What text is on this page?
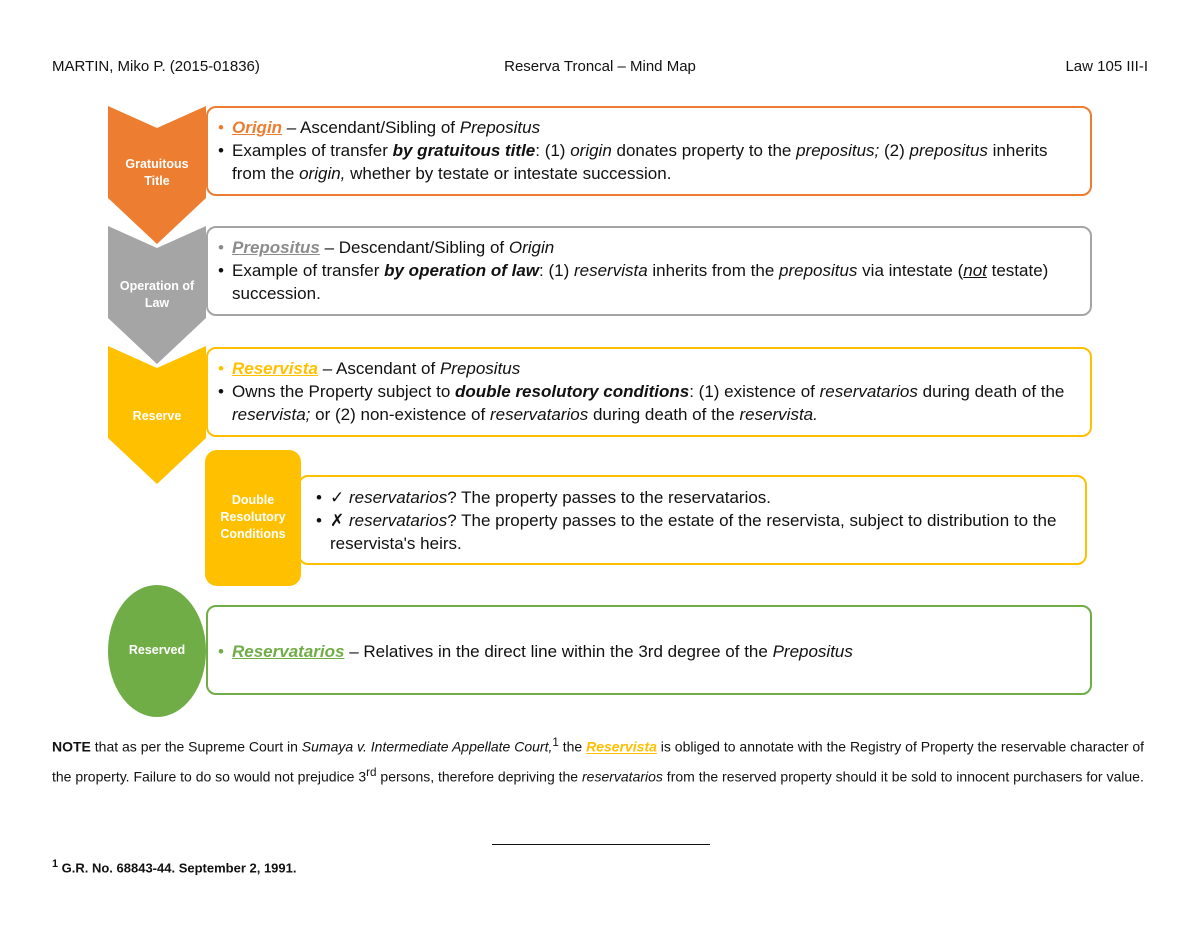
MARTIN, Miko P. (2015-01836)	Reserva Troncal – Mind Map	Law 105 III-I
Gratuitous
Title
• Origin – Ascendant/Sibling of Prepositus
• Examples of transfer by gratuitous title: (1) origin donates property to the prepositus; (2) prepositus inherits from the origin, whether by testate or intestate succession.
Operation of
Law
• Prepositus – Descendant/Sibling of Origin
• Example of transfer by operation of law: (1) reservista inherits from the prepositus via intestate (not testate) succession.
Reserve
• Reservista – Ascendant of Prepositus
• Owns the Property subject to double resolutory conditions: (1) existence of reservatarios during death of the reservista; or (2) non-existence of reservatarios during death of the reservista.
• ✓ reservatarios? The property passes to the reservatarios.
• ✗ reservatarios? The property passes to the estate of the reservista, subject to distribution to the reservista's heirs.
Double
Resolutory
Conditions
Reserved	• Reservatarios – Relatives in the direct line within the 3rd degree of the Prepositus
NOTE that as per the Supreme Court in Sumaya v. Intermediate Appellate Court,$^1$ the Reservista is obliged to annotate with the Registry of Property the reservable character of the property. Failure to do so would not prejudice 3rd persons, therefore depriving the reservatarios from the reserved property should it be sold to innocent purchasers for value.
$^1$ G.R. No. 68843-44. September 2, 1991.
